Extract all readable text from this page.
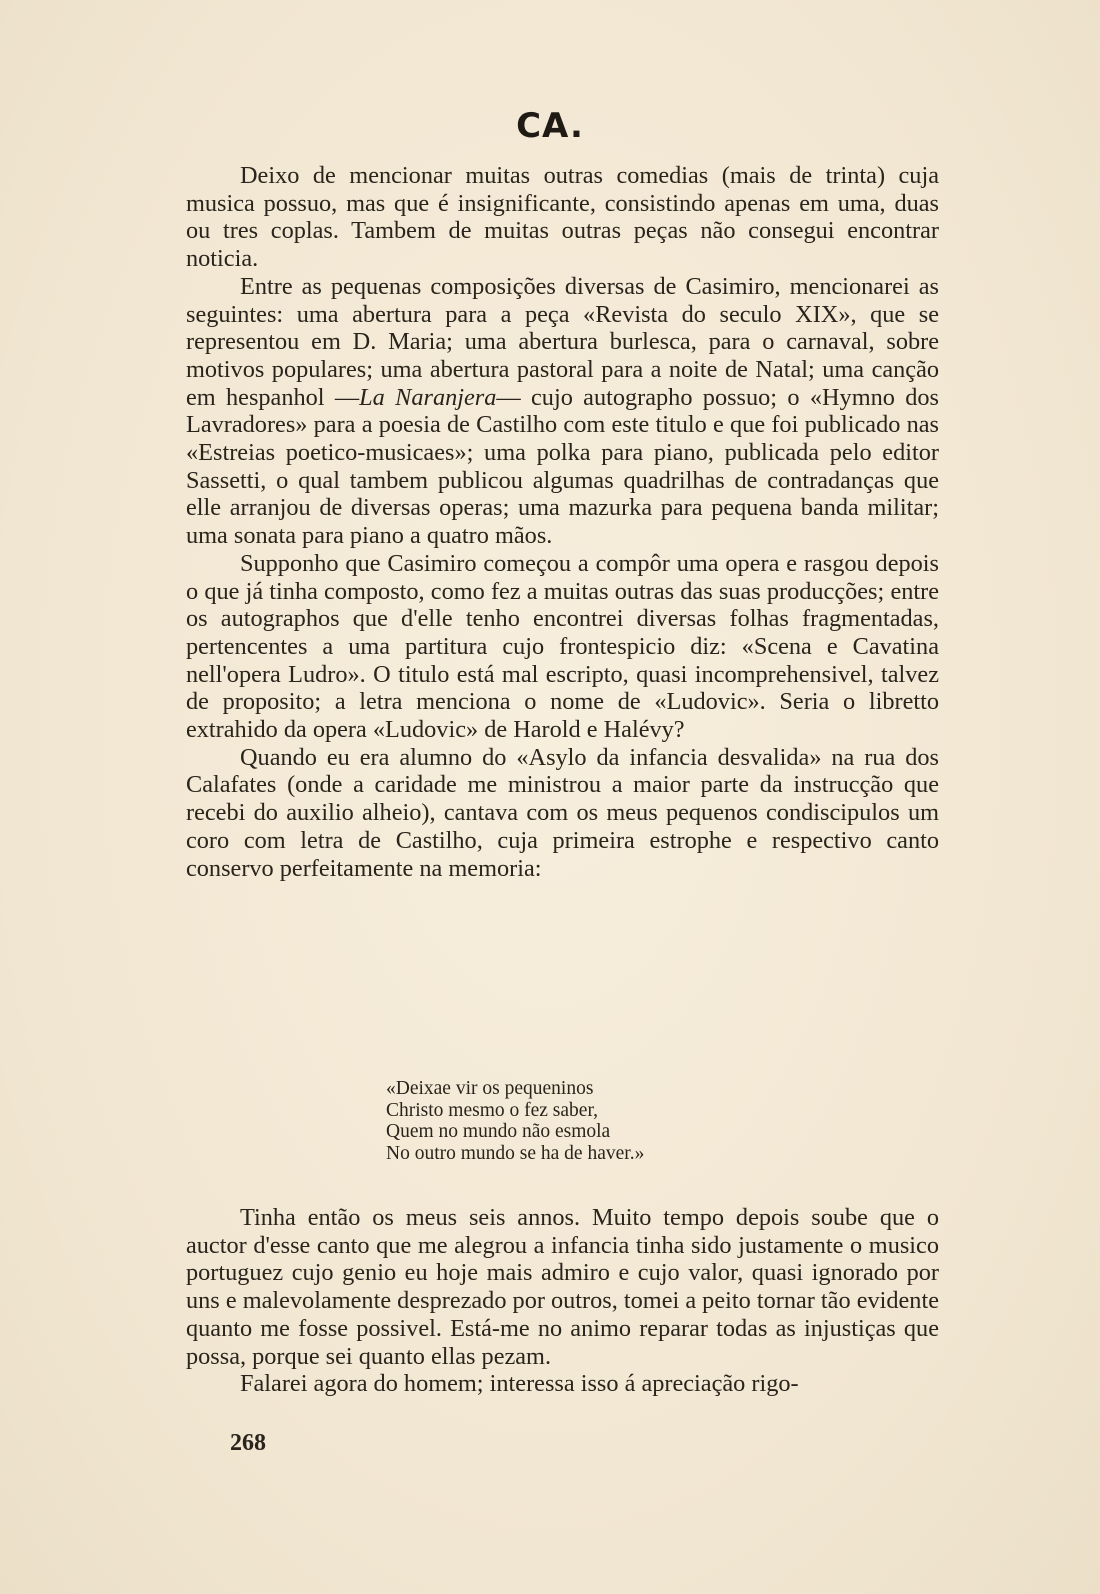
CA.

Deixo de mencionar muitas outras comedias (mais de trinta) cuja musica possuo, mas que é insignificante, consistindo apenas em uma, duas ou tres coplas. Tambem de muitas outras peças não consegui encontrar noticia.

Entre as pequenas composições diversas de Casimiro, mencionarei as seguintes: uma abertura para a peça «Revista do seculo XIX», que se representou em D. Maria; uma abertura burlesca, para o carnaval, sobre motivos populares; uma abertura pastoral para a noite de Natal; uma canção em hespanhol —La Naranjera— cujo autographo possuo; o «Hymno dos Lavradores» para a poesia de Castilho com este titulo e que foi publicado nas «Estreias poetico-musicaes»; uma polka para piano, publicada pelo editor Sassetti, o qual tambem publicou algumas quadrilhas de contradanças que elle arranjou de diversas operas; uma mazurka para pequena banda militar; uma sonata para piano a quatro mãos.

Supponho que Casimiro começou a compôr uma opera e rasgou depois o que já tinha composto, como fez a muitas outras das suas producções; entre os autographos que d'elle tenho encontrei diversas folhas fragmentadas, pertencentes a uma partitura cujo frontespicio diz: «Scena e Cavatina nell'opera Ludro». O titulo está mal escripto, quasi incomprehensivel, talvez de proposito; a letra menciona o nome de «Ludovic». Seria o libretto extrahido da opera «Ludovic» de Harold e Halévy?

Quando eu era alumno do «Asylo da infancia desvalida» na rua dos Calafates (onde a caridade me ministrou a maior parte da instrucção que recebi do auxilio alheio), cantava com os meus pequenos condiscipulos um coro com letra de Castilho, cuja primeira estrophe e respectivo canto conservo perfeitamente na memoria:

«Deixae vir os pequeninos
Christo mesmo o fez saber,
Quem no mundo não esmola
No outro mundo se ha de haver.»

Tinha então os meus seis annos. Muito tempo depois soube que o auctor d'esse canto que me alegrou a infancia tinha sido justamente o musico portuguez cujo genio eu hoje mais admiro e cujo valor, quasi ignorado por uns e malevolamente desprezado por outros, tomei a peito tornar tão evidente quanto me fosse possivel. Está-me no animo reparar todas as injustiças que possa, porque sei quanto ellas pezam.

Falarei agora do homem; interessa isso á apreciação rigo-

268
